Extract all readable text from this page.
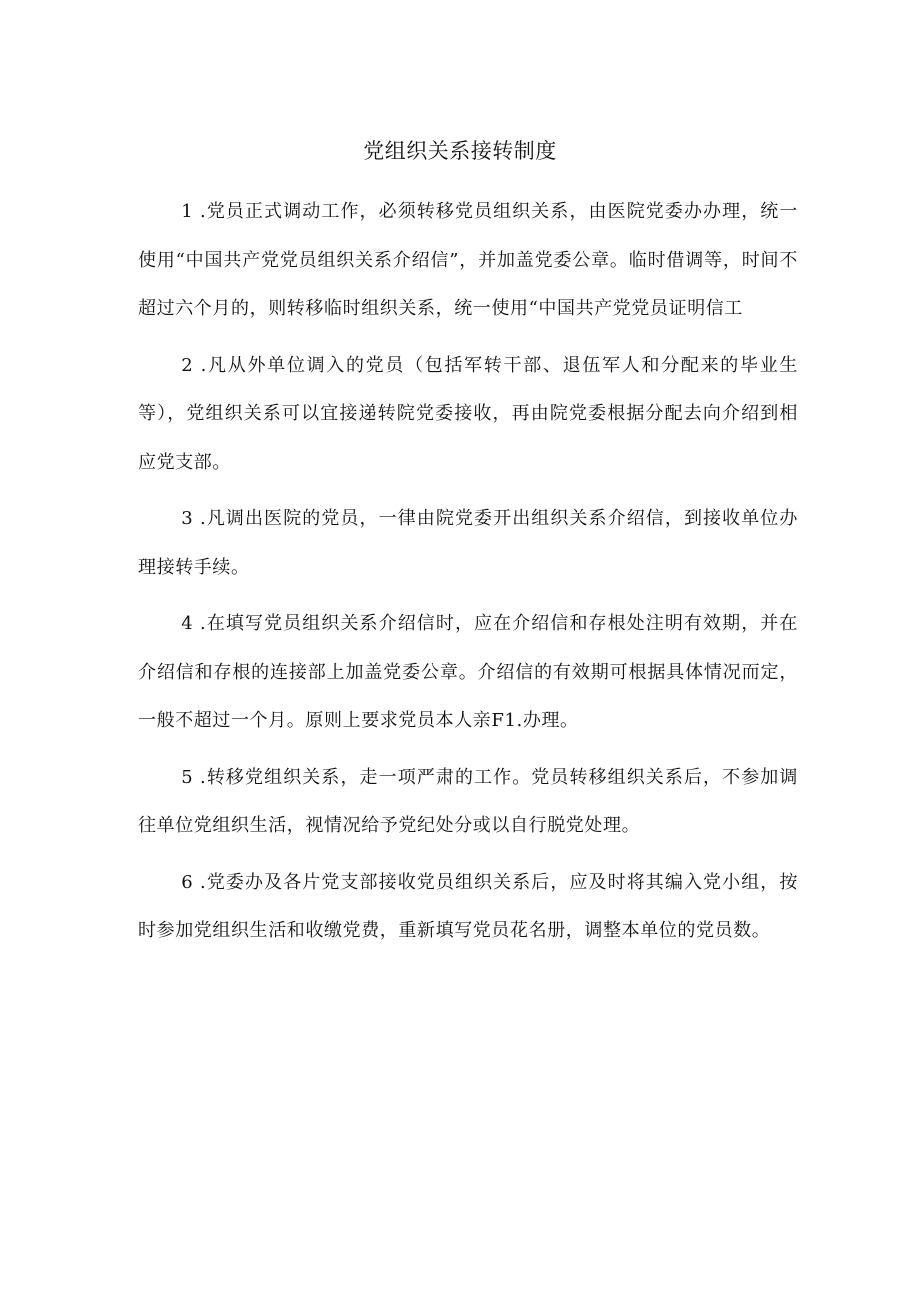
党组织关系接转制度

1 .党员正式调动工作，必须转移党员组织关系，由医院党委办办理，统一使用“中国共产党党员组织关系介绍信”，并加盖党委公章。临时借调等，时间不超过六个月的，则转移临时组织关系，统一使用“中国共产党党员证明信工

2 .凡从外单位调入的党员（包括军转干部、退伍军人和分配来的毕业生等），党组织关系可以宜接递转院党委接收，再由院党委根据分配去向介绍到相应党支部。

3 .凡调出医院的党员，一律由院党委开出组织关系介绍信，到接收单位办理接转手续。

4 .在填写党员组织关系介绍信时，应在介绍信和存根处注明有效期，并在介绍信和存根的连接部上加盖党委公章。介绍信的有效期可根据具体情况而定，一般不超过一个月。原则上要求党员本人亲F1.办理。

5 .转移党组织关系，走一项严肃的工作。党员转移组织关系后，不参加调往单位党组织生活，视情况给予党纪处分或以自行脱党处理。

6 .党委办及各片党支部接收党员组织关系后，应及时将其编入党小组，按时参加党组织生活和收缴党费，重新填写党员花名册，调整本单位的党员数。
